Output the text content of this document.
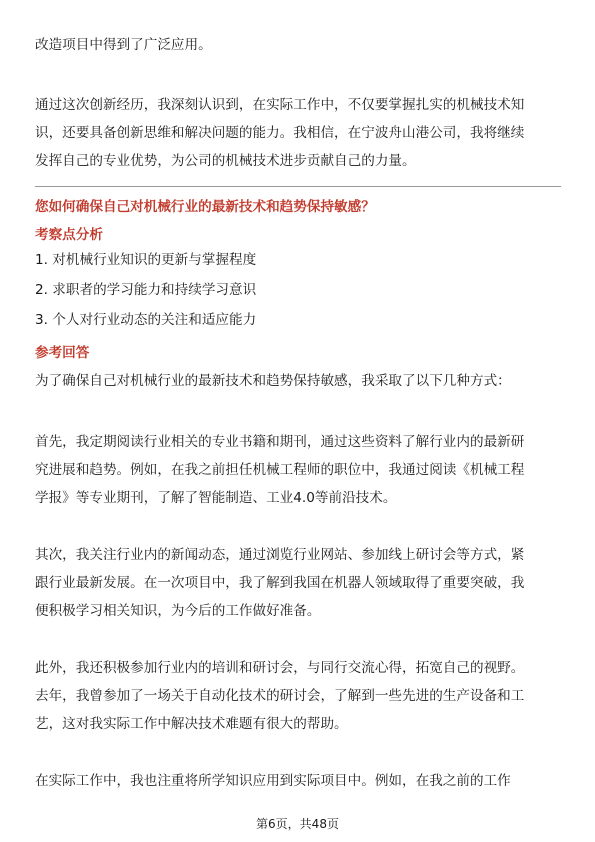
改造项目中得到了广泛应用。

通过这次创新经历，我深刻认识到，在实际工作中，不仅要掌握扎实的机械技术知

识，还要具备创新思维和解决问题的能力。我相信，在宁波舟山港公司，我将继续

发挥自己的专业优势，为公司的机械技术进步贡献自己的力量。

您如何确保自己对机械行业的最新技术和趋势保持敏感？
考察点分析
1. 对机械行业知识的更新与掌握程度
2. 求职者的学习能力和持续学习意识
3. 个人对行业动态的关注和适应能力
参考回答

为了确保自己对机械行业的最新技术和趋势保持敏感，我采取了以下几种方式：

首先，我定期阅读行业相关的专业书籍和期刊，通过这些资料了解行业内的最新研

究进展和趋势。例如，在我之前担任机械工程师的职位中，我通过阅读《机械工程

学报》等专业期刊，了解了智能制造、工业4.0等前沿技术。

其次，我关注行业内的新闻动态，通过浏览行业网站、参加线上研讨会等方式，紧

跟行业最新发展。在一次项目中，我了解到我国在机器人领域取得了重要突破，我

便积极学习相关知识，为今后的工作做好准备。

此外，我还积极参加行业内的培训和研讨会，与同行交流心得，拓宽自己的视野。

去年，我曾参加了一场关于自动化技术的研讨会，了解到一些先进的生产设备和工

艺，这对我实际工作中解决技术难题有很大的帮助。

在实际工作中，我也注重将所学知识应用到实际项目中。例如，在我之前的工作

第6页，共48页
